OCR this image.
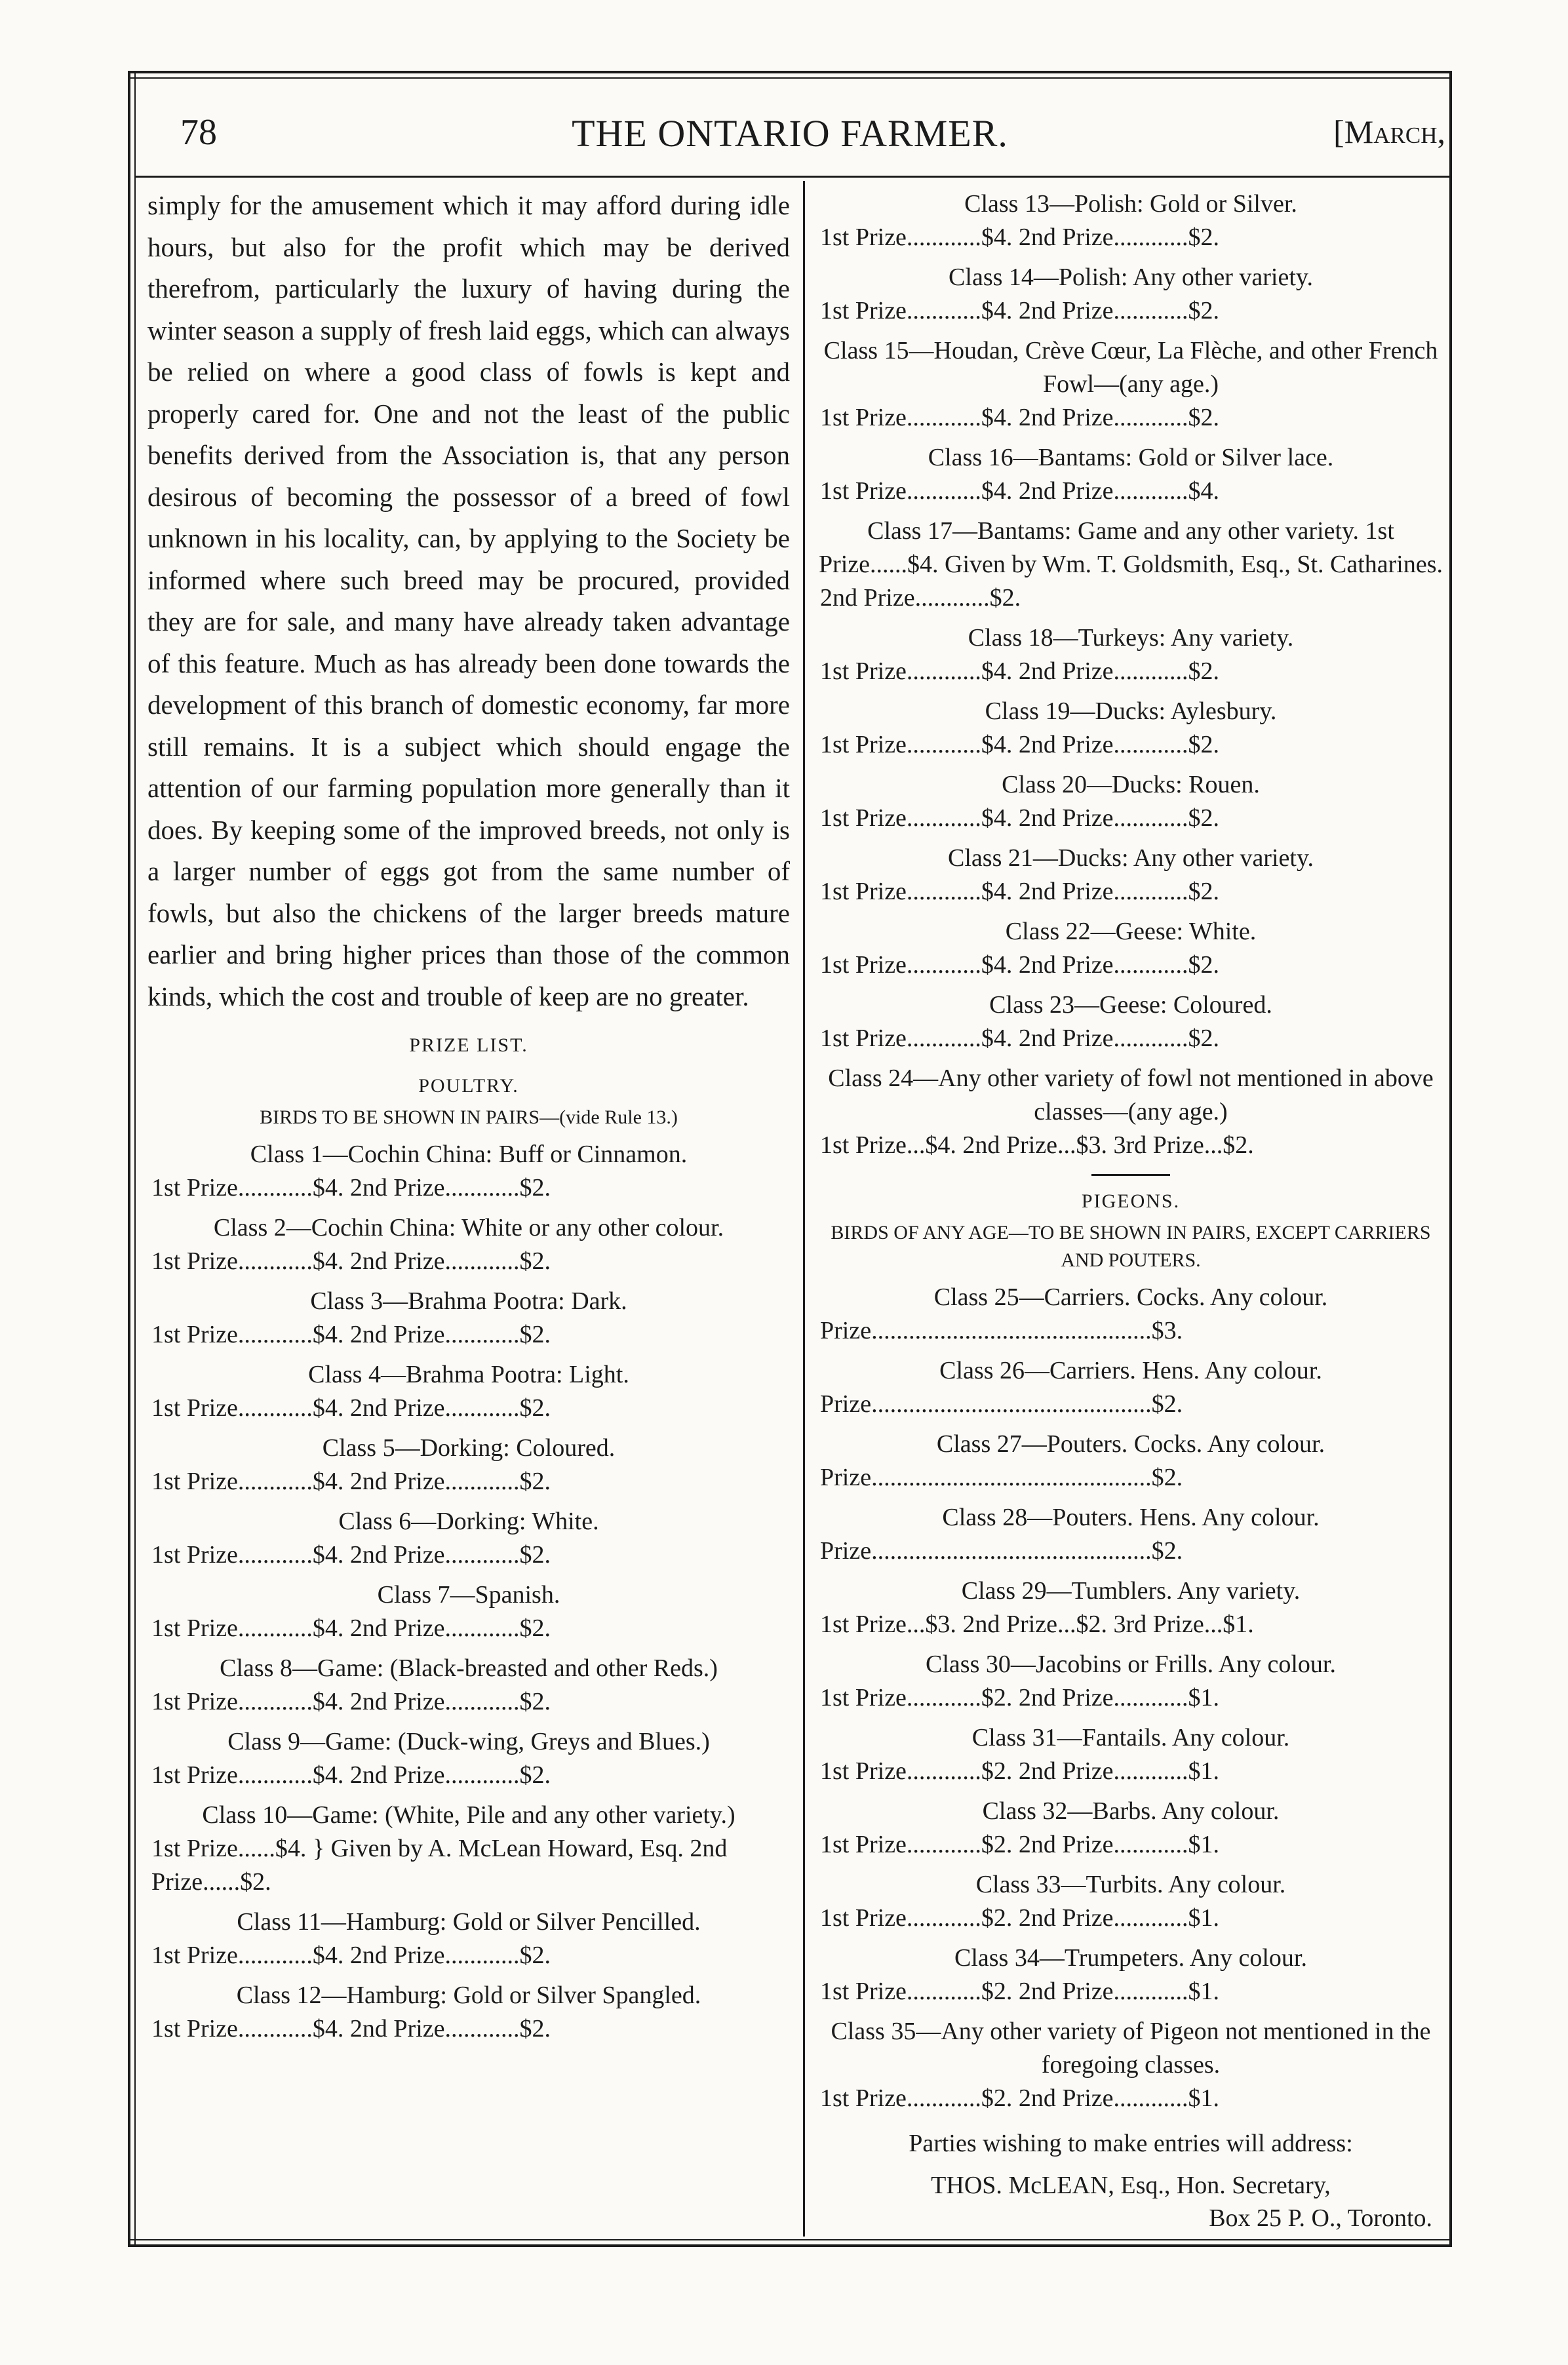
78	THE ONTARIO FARMER.	[March,

simply for the amusement which it may afford during idle hours, but also for the profit which may be derived therefrom, particularly the luxury of having during the winter season a supply of fresh laid eggs, which can always be relied on where a good class of fowls is kept and properly cared for. One and not the least of the public benefits derived from the Association is, that any person desirous of becoming the possessor of a breed of fowl unknown in his locality, can, by applying to the Society be informed where such breed may be procured, provided they are for sale, and many have already taken advantage of this feature. Much as has already been done towards the development of this branch of domestic economy, far more still remains. It is a subject which should engage the attention of our farming population more generally than it does. By keeping some of the improved breeds, not only is a larger number of eggs got from the same number of fowls, but also the chickens of the larger breeds mature earlier and bring higher prices than those of the common kinds, which the cost and trouble of keep are no greater.

PRIZE LIST.
POULTRY.
BIRDS TO BE SHOWN IN PAIRS—(vide Rule 13.)
Class 1—Cochin China: Buff or Cinnamon.
1st Prize............$4. 2nd Prize............$2.
Class 2—Cochin China: White or any other colour.
1st Prize............$4. 2nd Prize............$2.
Class 3—Brahma Pootra: Dark.
1st Prize............$4. 2nd Prize............$2.
Class 4—Brahma Pootra: Light.
1st Prize............$4. 2nd Prize............$2.
Class 5—Dorking: Coloured.
1st Prize............$4. 2nd Prize............$2.
Class 6—Dorking: White.
1st Prize............$4. 2nd Prize............$2.
Class 7—Spanish.
1st Prize............$4. 2nd Prize............$2.
Class 8—Game: (Black-breasted and other Reds.)
1st Prize............$4. 2nd Prize............$2.
Class 9—Game: (Duck-wing, Greys and Blues.)
1st Prize............$4. 2nd Prize............$2.
Class 10—Game: (White, Pile and any other variety.)
1st Prize......$4. } Given by A. McLean Howard, Esq. 2nd Prize......$2.
Class 11—Hamburg: Gold or Silver Pencilled.
1st Prize............$4. 2nd Prize............$2.
Class 12—Hamburg: Gold or Silver Spangled.
1st Prize............$4. 2nd Prize............$2.
Class 13—Polish: Gold or Silver.
1st Prize............$4. 2nd Prize............$2.
Class 14—Polish: Any other variety.
1st Prize............$4. 2nd Prize............$2.
Class 15—Houdan, Crève Cœur, La Flèche, and other French Fowl—(any age.)
1st Prize............$4. 2nd Prize............$2.
Class 16—Bantams: Gold or Silver lace.
1st Prize............$4. 2nd Prize............$4.
Class 17—Bantams: Game and any other variety. 1st Prize......$4. Given by Wm. T. Goldsmith, Esq., St. Catharines.
2nd Prize............$2.
Class 18—Turkeys: Any variety.
1st Prize............$4. 2nd Prize............$2.
Class 19—Ducks: Aylesbury.
1st Prize............$4. 2nd Prize............$2.
Class 20—Ducks: Rouen.
1st Prize............$4. 2nd Prize............$2.
Class 21—Ducks: Any other variety.
1st Prize............$4. 2nd Prize............$2.
Class 22—Geese: White.
1st Prize............$4. 2nd Prize............$2.
Class 23—Geese: Coloured.
1st Prize............$4. 2nd Prize............$2.
Class 24—Any other variety of fowl not mentioned in above classes—(any age.)
1st Prize...$4. 2nd Prize...$3. 3rd Prize...$2.
PIGEONS.
BIRDS OF ANY AGE—TO BE SHOWN IN PAIRS, EXCEPT CARRIERS AND POUTERS.
Class 25—Carriers. Cocks. Any colour.
Prize.............................................$3.
Class 26—Carriers. Hens. Any colour.
Prize.............................................$2.
Class 27—Pouters. Cocks. Any colour.
Prize.............................................$2.
Class 28—Pouters. Hens. Any colour.
Prize.............................................$2.
Class 29—Tumblers. Any variety.
1st Prize...$3. 2nd Prize...$2. 3rd Prize...$1.
Class 30—Jacobins or Frills. Any colour.
1st Prize............$2. 2nd Prize............$1.
Class 31—Fantails. Any colour.
1st Prize............$2. 2nd Prize............$1.
Class 32—Barbs. Any colour.
1st Prize............$2. 2nd Prize............$1.
Class 33—Turbits. Any colour.
1st Prize............$2. 2nd Prize............$1.
Class 34—Trumpeters. Any colour.
1st Prize............$2. 2nd Prize............$1.
Class 35—Any other variety of Pigeon not mentioned in the foregoing classes.
1st Prize............$2. 2nd Prize............$1.
Parties wishing to make entries will address:
THOS. McLEAN, Esq., Hon. Secretary,
Box 25 P. O., Toronto.
